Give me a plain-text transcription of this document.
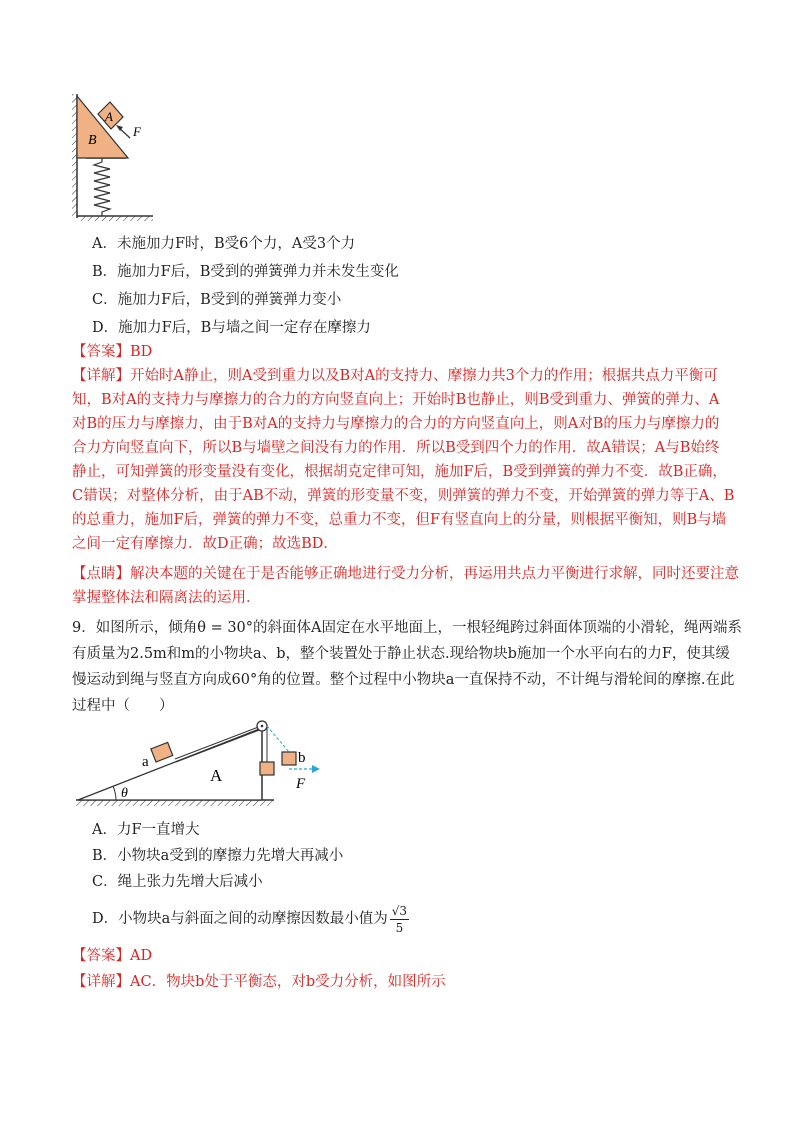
A
B
F
A．未施加力F时，B受6个力，A受3个力
B．施加力F后，B受到的弹簧弹力并未发生变化
C．施加力F后，B受到的弹簧弹力变小
D．施加力F后，B与墙之间一定存在摩擦力
【答案】BD
【详解】开始时A静止，则A受到重力以及B对A的支持力、摩擦力共3个力的作用；根据共点力平衡可
知，B对A的支持力与摩擦力的合力的方向竖直向上；开始时B也静止，则B受到重力、弹簧的弹力、A
对B的压力与摩擦力，由于B对A的支持力与摩擦力的合力的方向竖直向上，则A对B的压力与摩擦力的
合力方向竖直向下，所以B与墙壁之间没有力的作用．所以B受到四个力的作用．故A错误；A与B始终
静止，可知弹簧的形变量没有变化，根据胡克定律可知，施加F后，B受到弹簧的弹力不变．故B正确，
C错误；对整体分析，由于AB不动，弹簧的形变量不变，则弹簧的弹力不变，开始弹簧的弹力等于A、B
的总重力，施加F后，弹簧的弹力不变，总重力不变，但F有竖直向上的分量，则根据平衡知，则B与墙
之间一定有摩擦力．故D正确；故选BD．
【点睛】解决本题的关键在于是否能够正确地进行受力分析，再运用共点力平衡进行求解，同时还要注意
掌握整体法和隔离法的运用．
9．如图所示，倾角θ = 30°的斜面体A固定在水平地面上，一根轻绳跨过斜面体顶端的小滑轮，绳两端系
有质量为2.5m和m的小物块a、b，整个装置处于静止状态.现给物块b施加一个水平向右的力F，使其缓
慢运动到绳与竖直方向成60°角的位置。整个过程中小物块a一直保持不动，不计绳与滑轮间的摩擦.在此
过程中（　　）
θ
a
A
b
F
A．力F一直增大
B．小物块a受到的摩擦力先增大再减小
C．绳上张力先增大后减小
D．小物块a与斜面之间的动摩擦因数最小值为 $\frac{√3}{5}$
【答案】AD
【详解】AC．物块b处于平衡态，对b受力分析，如图所示
